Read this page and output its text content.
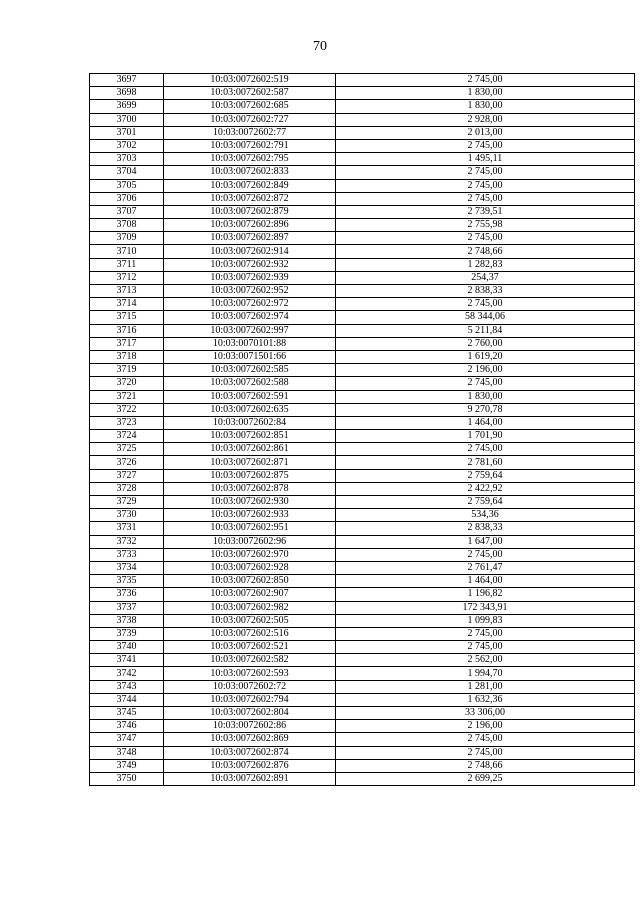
70
3697	10:03:0072602:519	2 745,00
3698	10:03:0072602:587	1 830,00
3699	10:03:0072602:685	1 830,00
3700	10:03:0072602:727	2 928,00
3701	10:03:0072602:77	2 013,00
3702	10:03:0072602:791	2 745,00
3703	10:03:0072602:795	1 495,11
3704	10:03:0072602:833	2 745,00
3705	10:03:0072602:849	2 745,00
3706	10:03:0072602:872	2 745,00
3707	10:03:0072602:879	2 739,51
3708	10:03:0072602:896	2 755,98
3709	10:03:0072602:897	2 745,00
3710	10:03:0072602:914	2 748,66
3711	10:03:0072602:932	1 282,83
3712	10:03:0072602:939	254,37
3713	10:03:0072602:952	2 838,33
3714	10:03:0072602:972	2 745,00
3715	10:03:0072602:974	58 344,06
3716	10:03:0072602:997	5 211,84
3717	10:03:0070101:88	2 760,00
3718	10:03:0071501:66	1 619,20
3719	10:03:0072602:585	2 196,00
3720	10:03:0072602:588	2 745,00
3721	10:03:0072602:591	1 830,00
3722	10:03:0072602:635	9 270,78
3723	10:03:0072602:84	1 464,00
3724	10:03:0072602:851	1 701,90
3725	10:03:0072602:861	2 745,00
3726	10:03:0072602:871	2 781,60
3727	10:03:0072602:875	2 759,64
3728	10:03:0072602:878	2 422,92
3729	10:03:0072602:930	2 759,64
3730	10:03:0072602:933	534,36
3731	10:03:0072602:951	2 838,33
3732	10:03:0072602:96	1 647,00
3733	10:03:0072602:970	2 745,00
3734	10:03:0072602:928	2 761,47
3735	10:03:0072602:850	1 464,00
3736	10:03:0072602:907	1 196,82
3737	10:03:0072602:982	172 343,91
3738	10:03:0072602:505	1 099,83
3739	10:03:0072602:516	2 745,00
3740	10:03:0072602:521	2 745,00
3741	10:03:0072602:582	2 562,00
3742	10:03:0072602:593	1 994,70
3743	10:03:0072602:72	1 281,00
3744	10:03:0072602:794	1 632,36
3745	10:03:0072602:804	33 306,00
3746	10:03:0072602:86	2 196,00
3747	10:03:0072602:869	2 745,00
3748	10:03:0072602:874	2 745,00
3749	10:03:0072602:876	2 748,66
3750	10:03:0072602:891	2 699,25
